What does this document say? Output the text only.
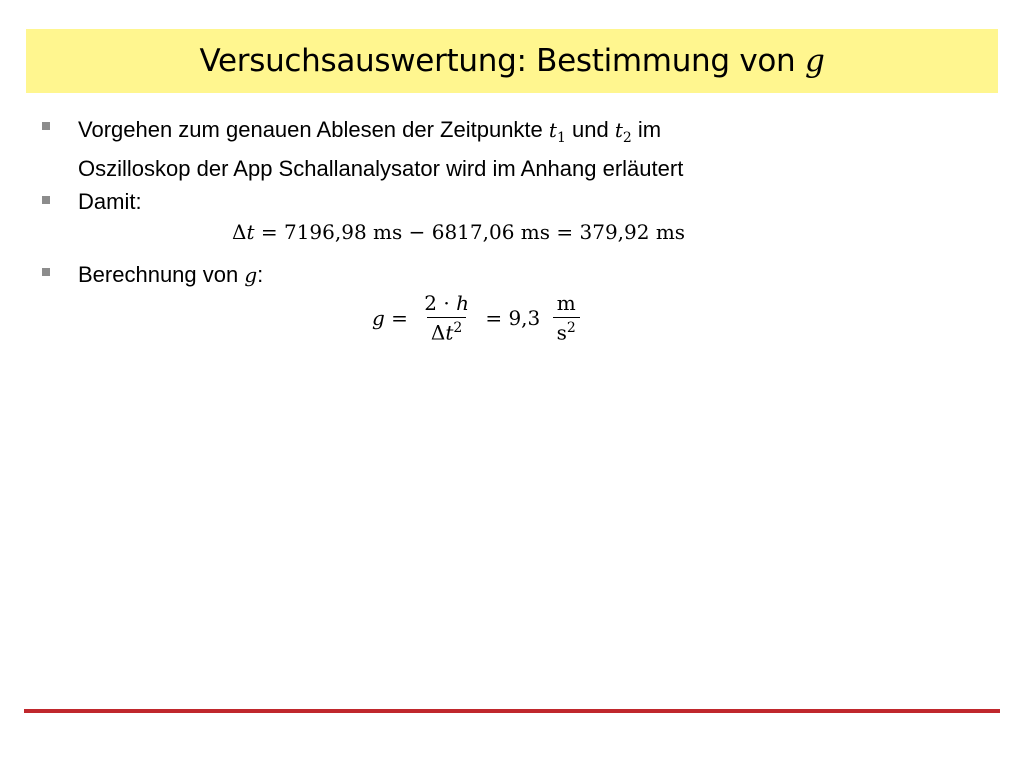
Versuchsauswertung: Bestimmung von g
Vorgehen zum genauen Ablesen der Zeitpunkte $t_1$ und $t_2$ im
Oszilloskop der App Schallanalysator wird im Anhang erläutert
Damit:
Δt = 7196,98 ms − 6817,06 ms = 379,92 ms
Berechnung von g:
$g = \frac{2 \cdot h}{\Delta t^2} = 9,3 \frac{m}{s^2}$
